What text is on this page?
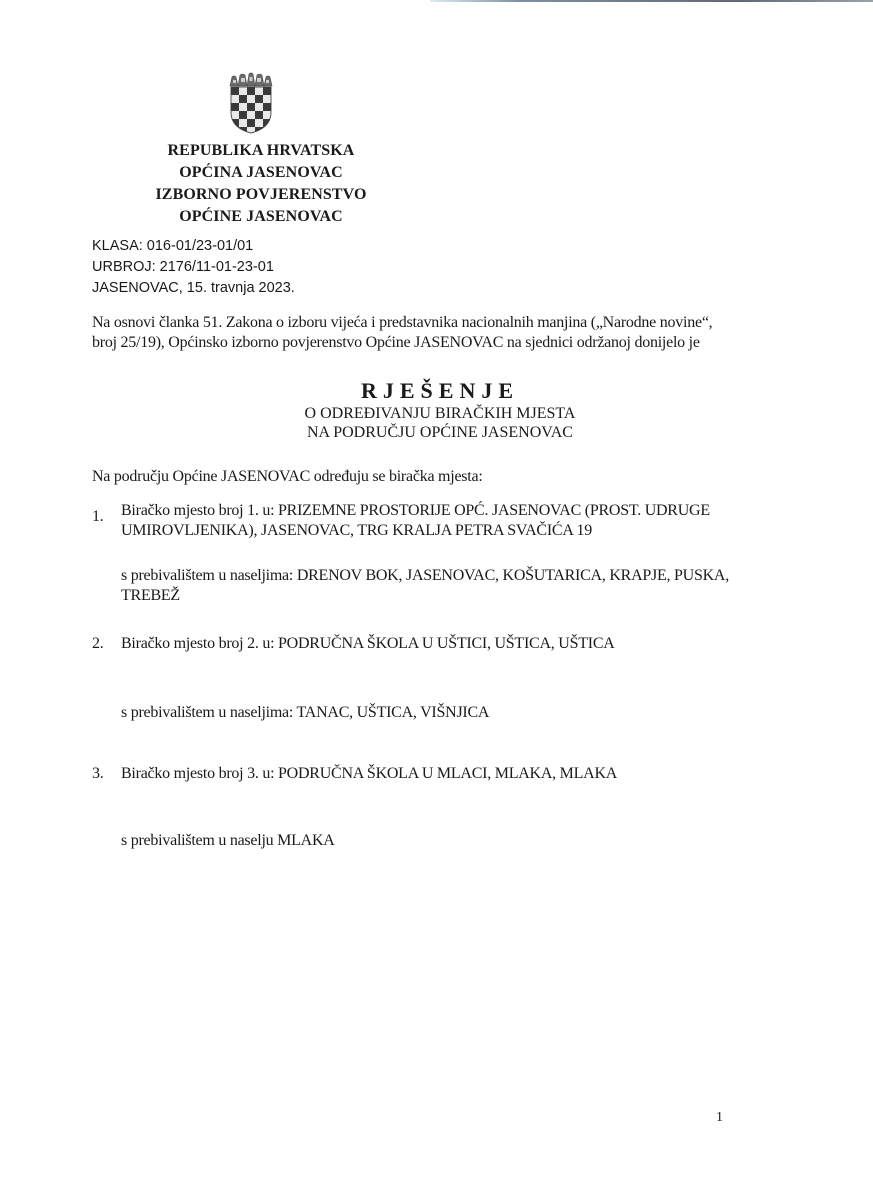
REPUBLIKA HRVATSKA
OPĆINA JASENOVAC
IZBORNO POVJERENSTVO
OPĆINE JASENOVAC
KLASA: 016-01/23-01/01
URBROJ: 2176/11-01-23-01
JASENOVAC, 15. travnja 2023.
Na osnovi članka 51. Zakona o izboru vijeća i predstavnika nacionalnih manjina („Narodne novine“,
broj 25/19), Općinsko izborno povjerenstvo Općine JASENOVAC na sjednici održanoj donijelo je
RJEŠENJE
O ODREĐIVANJU BIRAČKIH MJESTA
NA PODRUČJU OPĆINE JASENOVAC
Na području Općine JASENOVAC određuju se biračka mjesta:
1.	Biračko mjesto broj 1. u: PRIZEMNE PROSTORIJE OPĆ. JASENOVAC (PROST. UDRUGE
UMIROVLJENIKA), JASENOVAC, TRG KRALJA PETRA SVAČIĆA 19
s prebivalištem u naseljima: DRENOV BOK, JASENOVAC, KOŠUTARICA, KRAPJE, PUSKA,
TREBEŽ
2.	Biračko mjesto broj 2. u: PODRUČNA ŠKOLA U UŠTICI, UŠTICA, UŠTICA
s prebivalištem u naseljima: TANAC, UŠTICA, VIŠNJICA
3.	Biračko mjesto broj 3. u: PODRUČNA ŠKOLA U MLACI, MLAKA, MLAKA
s prebivalištem u naselju MLAKA
1
